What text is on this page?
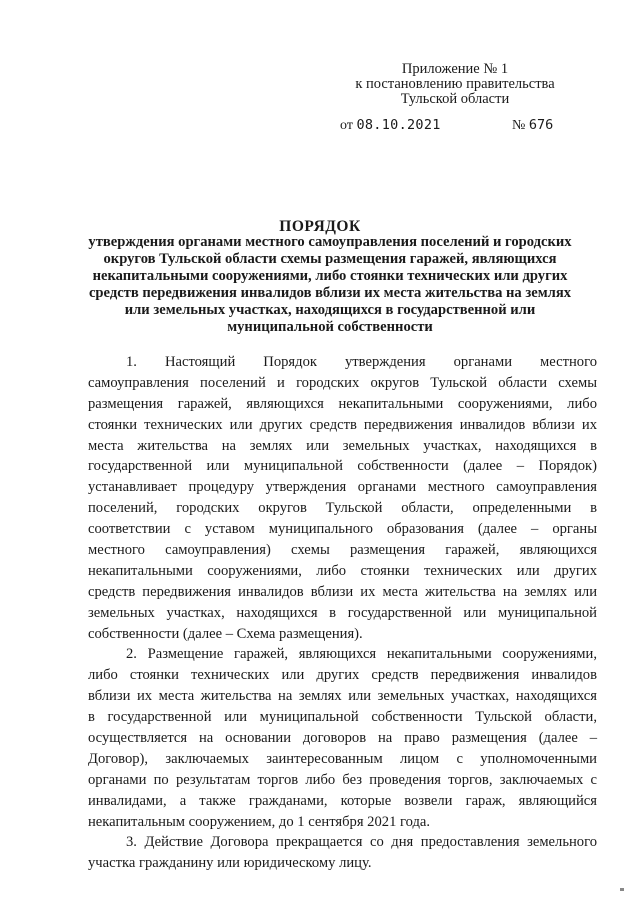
Приложение № 1
к постановлению правительства
Тульской области
от 08.10.2021	№ 676
ПОРЯДОК
утверждения органами местного самоуправления поселений и городских
округов Тульской области схемы размещения гаражей, являющихся
некапитальными сооружениями, либо стоянки технических или других
средств передвижения инвалидов вблизи их места жительства на землях
или земельных участках, находящихся в государственной или
муниципальной собственности
1. Настоящий Порядок утверждения органами местного
самоуправления поселений и городских округов Тульской области схемы
размещения гаражей, являющихся некапитальными сооружениями, либо
стоянки технических или других средств передвижения инвалидов вблизи их
места жительства на землях или земельных участках, находящихся в
государственной или муниципальной собственности (далее – Порядок)
устанавливает процедуру утверждения органами местного самоуправления
поселений, городских округов Тульской области, определенными в
соответствии с уставом муниципального образования (далее – органы
местного самоуправления) схемы размещения гаражей, являющихся
некапитальными сооружениями, либо стоянки технических или других
средств передвижения инвалидов вблизи их места жительства на землях или
земельных участках, находящихся в государственной или муниципальной
собственности (далее – Схема размещения).
2. Размещение гаражей, являющихся некапитальными сооружениями,
либо стоянки технических или других средств передвижения инвалидов
вблизи их места жительства на землях или земельных участках, находящихся
в государственной или муниципальной собственности Тульской области,
осуществляется на основании договоров на право размещения (далее –
Договор), заключаемых заинтересованным лицом с уполномоченными
органами по результатам торгов либо без проведения торгов, заключаемых с
инвалидами, а также гражданами, которые возвели гараж, являющийся
некапитальным сооружением, до 1 сентября 2021 года.
3. Действие Договора прекращается со дня предоставления земельного
участка гражданину или юридическому лицу.
